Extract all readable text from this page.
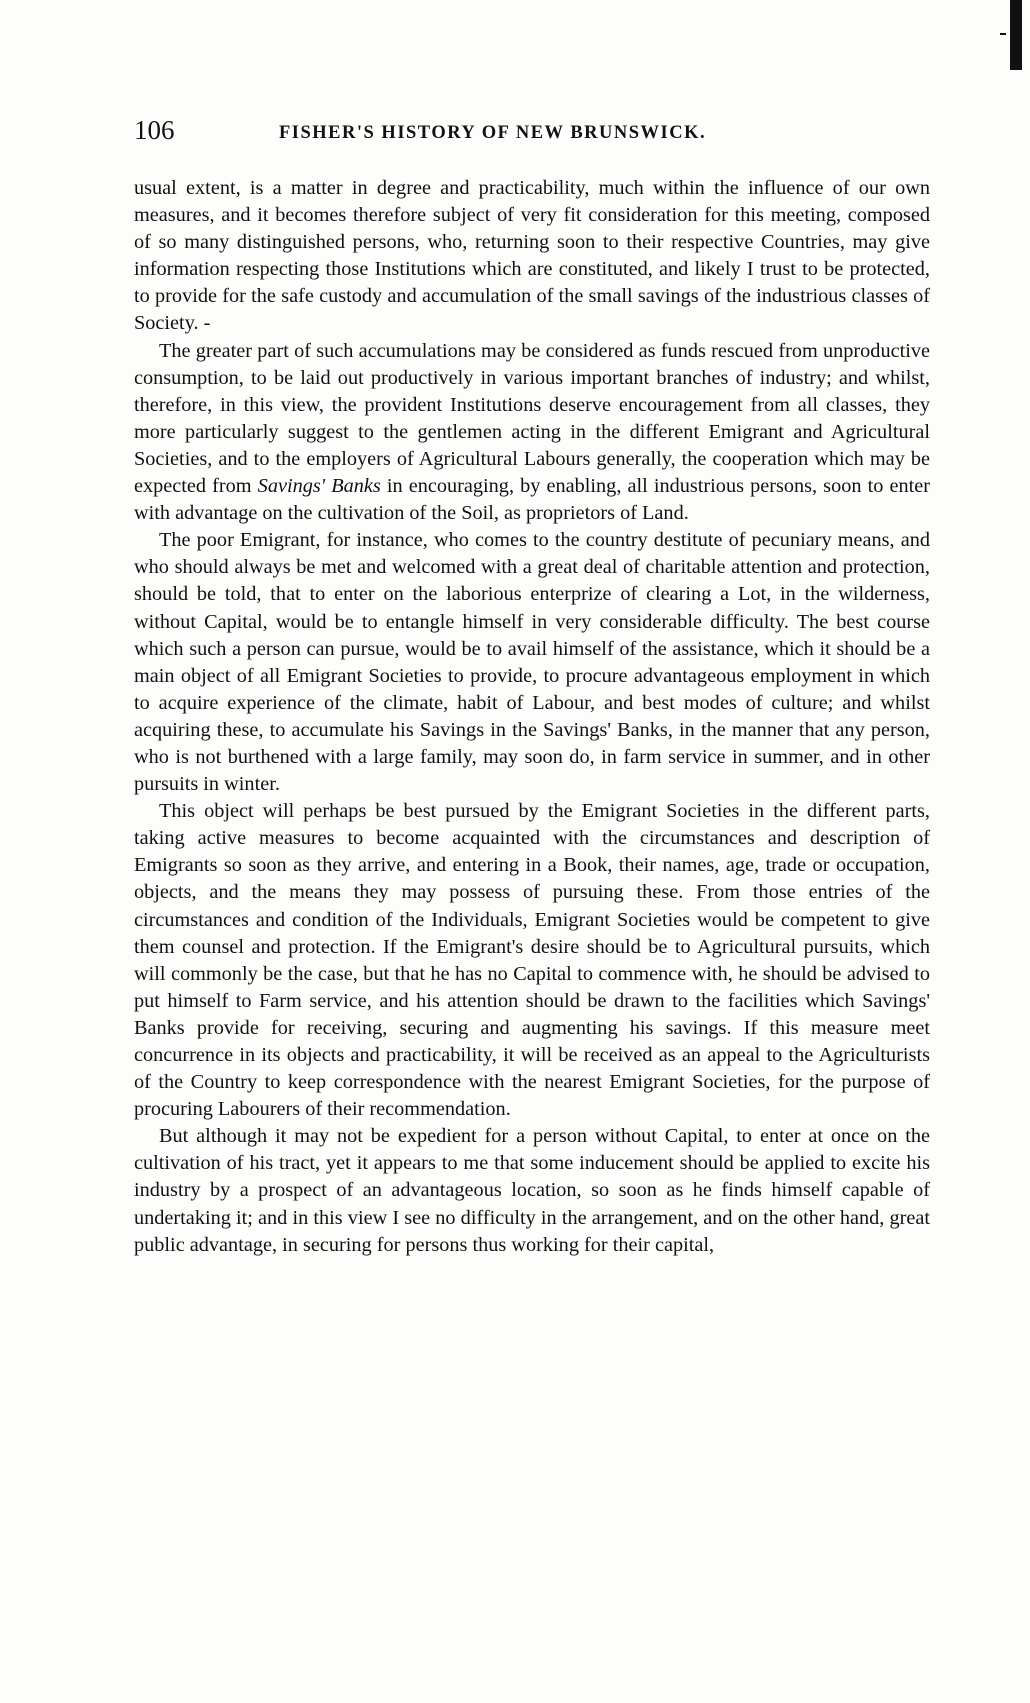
106	FISHER'S HISTORY OF NEW BRUNSWICK.

usual extent, is a matter in degree and practicability, much within the influence of our own measures, and it becomes therefore subject of very fit consideration for this meeting, composed of so many distinguished persons, who, returning soon to their respective Countries, may give information respecting those Institutions which are constituted, and likely I trust to be protected, to provide for the safe custody and accumulation of the small savings of the industrious classes of Society. -

The greater part of such accumulations may be considered as funds rescued from unproductive consumption, to be laid out productively in various important branches of industry; and whilst, therefore, in this view, the provident Institutions deserve encouragement from all classes, they more particularly suggest to the gentlemen acting in the different Emigrant and Agricultural Societies, and to the employers of Agricultural Labours generally, the cooperation which may be expected from Savings' Banks in encouraging, by enabling, all industrious persons, soon to enter with advantage on the cultivation of the Soil, as proprietors of Land.

The poor Emigrant, for instance, who comes to the country destitute of pecuniary means, and who should always be met and welcomed with a great deal of charitable attention and protection, should be told, that to enter on the laborious enterprize of clearing a Lot, in the wilderness, without Capital, would be to entangle himself in very considerable difficulty. The best course which such a person can pursue, would be to avail himself of the assistance, which it should be a main object of all Emigrant Societies to provide, to procure advantageous employment in which to acquire experience of the climate, habit of Labour, and best modes of culture; and whilst acquiring these, to accumulate his Savings in the Savings' Banks, in the manner that any person, who is not burthened with a large family, may soon do, in farm service in summer, and in other pursuits in winter.

This object will perhaps be best pursued by the Emigrant Societies in the different parts, taking active measures to become acquainted with the circumstances and description of Emigrants so soon as they arrive, and entering in a Book, their names, age, trade or occupation, objects, and the means they may possess of pursuing these. From those entries of the circumstances and condition of the Individuals, Emigrant Societies would be competent to give them counsel and protection. If the Emigrant's desire should be to Agricultural pursuits, which will commonly be the case, but that he has no Capital to commence with, he should be advised to put himself to Farm service, and his attention should be drawn to the facilities which Savings' Banks provide for receiving, securing and augmenting his savings. If this measure meet concurrence in its objects and practicability, it will be received as an appeal to the Agriculturists of the Country to keep correspondence with the nearest Emigrant Societies, for the purpose of procuring Labourers of their recommendation.

But although it may not be expedient for a person without Capital, to enter at once on the cultivation of his tract, yet it appears to me that some inducement should be applied to excite his industry by a prospect of an advantageous location, so soon as he finds himself capable of undertaking it; and in this view I see no difficulty in the arrangement, and on the other hand, great public advantage, in securing for persons thus working for their capital,
